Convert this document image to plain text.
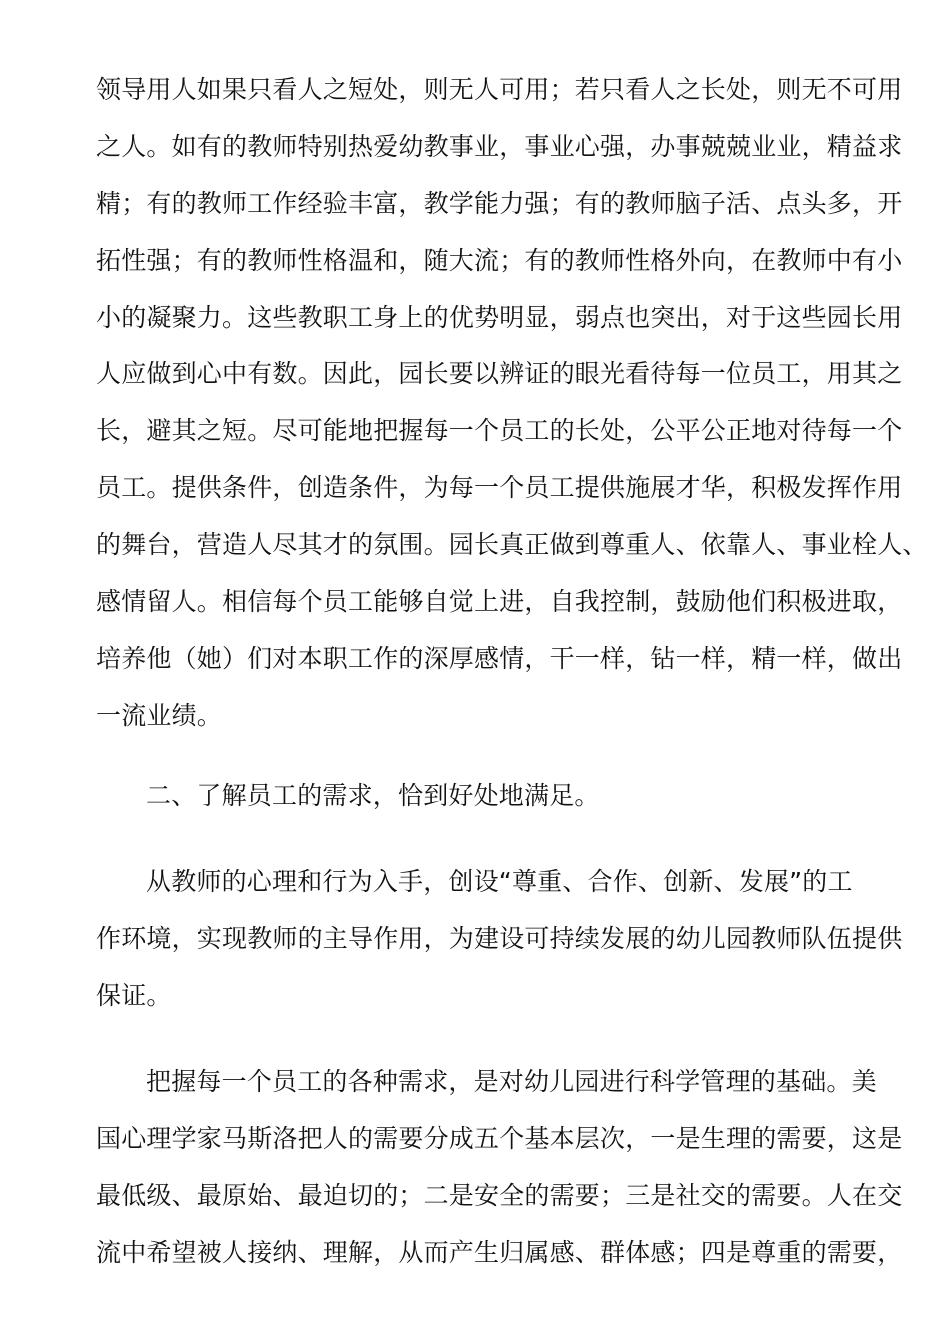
领导用人如果只看人之短处，则无人可用；若只看人之长处，则无不可用
之人。如有的教师特别热爱幼教事业，事业心强，办事兢兢业业，精益求
精；有的教师工作经验丰富，教学能力强；有的教师脑子活、点头多，开
拓性强；有的教师性格温和，随大流；有的教师性格外向，在教师中有小
小的凝聚力。这些教职工身上的优势明显，弱点也突出，对于这些园长用
人应做到心中有数。因此，园长要以辨证的眼光看待每一位员工，用其之
长，避其之短。尽可能地把握每一个员工的长处，公平公正地对待每一个
员工。提供条件，创造条件，为每一个员工提供施展才华，积极发挥作用
的舞台，营造人尽其才的氛围。园长真正做到尊重人、依靠人、事业栓人、
感情留人。相信每个员工能够自觉上进，自我控制，鼓励他们积极进取，
培养他（她）们对本职工作的深厚感情，干一样，钻一样，精一样，做出
一流业绩。
二、了解员工的需求，恰到好处地满足。
从教师的心理和行为入手，创设“尊重、合作、创新、发展”的工
作环境，实现教师的主导作用，为建设可持续发展的幼儿园教师队伍提供
保证。
把握每一个员工的各种需求，是对幼儿园进行科学管理的基础。美
国心理学家马斯洛把人的需要分成五个基本层次，一是生理的需要，这是
最低级、最原始、最迫切的；二是安全的需要；三是社交的需要。人在交
流中希望被人接纳、理解，从而产生归属感、群体感；四是尊重的需要，
